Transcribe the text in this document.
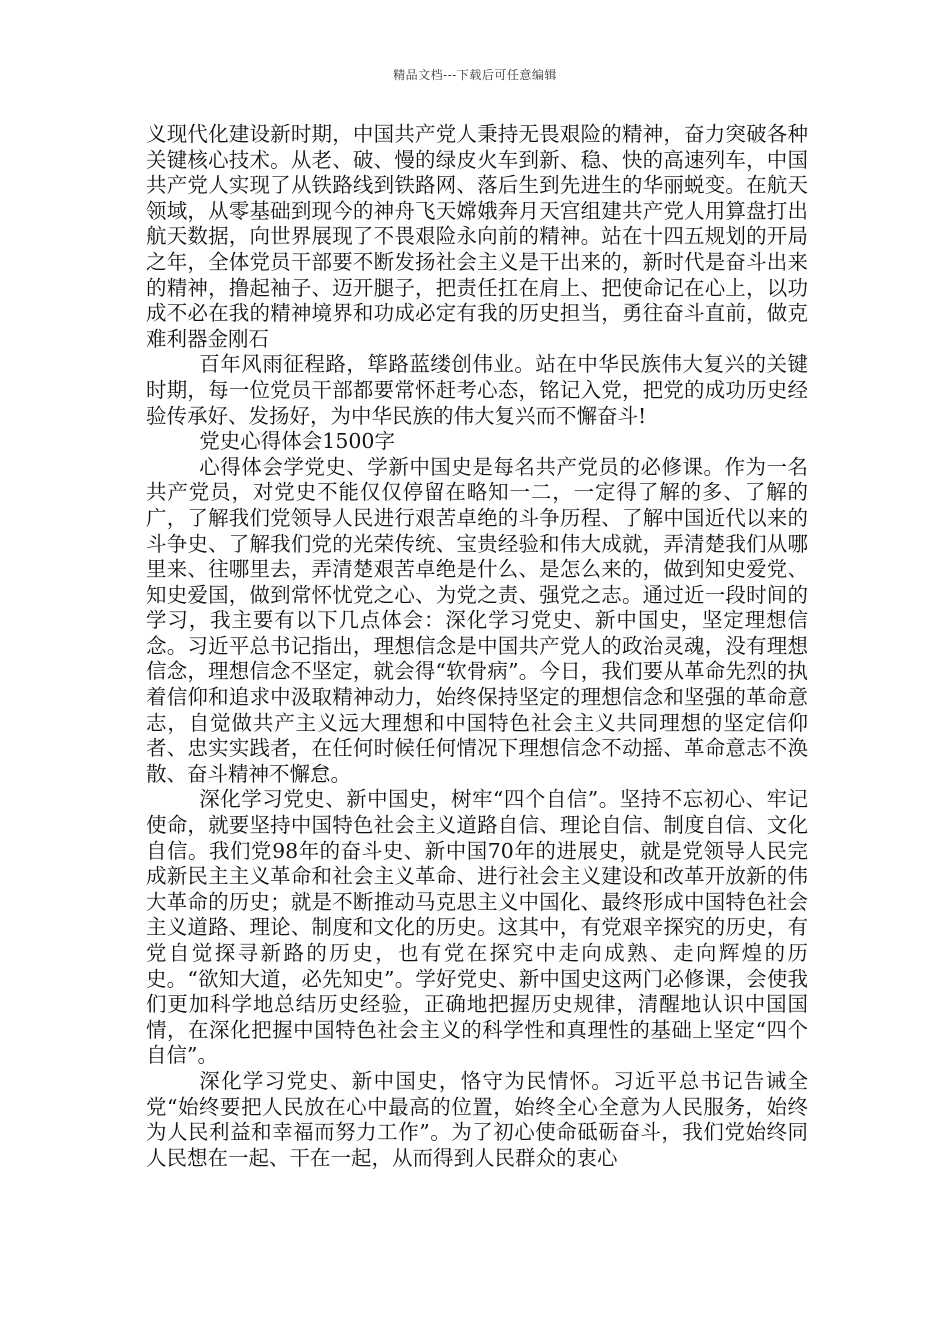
精品文档---下载后可任意编辑

义现代化建设新时期，中国共产党人秉持无畏艰险的精神，奋力突破各种关键核心技术。从老、破、慢的绿皮火车到新、稳、快的高速列车，中国共产党人实现了从铁路线到铁路网、落后生到先进生的华丽蜕变。在航天领域，从零基础到现今的神舟飞天嫦娥奔月天宫组建共产党人用算盘打出航天数据，向世界展现了不畏艰险永向前的精神。站在十四五规划的开局之年，全体党员干部要不断发扬社会主义是干出来的，新时代是奋斗出来的精神，撸起袖子、迈开腿子，把责任扛在肩上、把使命记在心上，以功成不必在我的精神境界和功成必定有我的历史担当，勇往奋斗直前，做克难利器金刚石

百年风雨征程路，筚路蓝缕创伟业。站在中华民族伟大复兴的关键时期，每一位党员干部都要常怀赶考心态，铭记入党，把党的成功历史经验传承好、发扬好，为中华民族的伟大复兴而不懈奋斗!

党史心得体会1500字

心得体会学党史、学新中国史是每名共产党员的必修课。作为一名共产党员，对党史不能仅仅停留在略知一二，一定得了解的多、了解的广，了解我们党领导人民进行艰苦卓绝的斗争历程、了解中国近代以来的斗争史、了解我们党的光荣传统、宝贵经验和伟大成就，弄清楚我们从哪里来、往哪里去，弄清楚艰苦卓绝是什么、是怎么来的，做到知史爱党、知史爱国，做到常怀忧党之心、为党之责、强党之志。通过近一段时间的学习，我主要有以下几点体会：深化学习党史、新中国史，坚定理想信念。习近平总书记指出，理想信念是中国共产党人的政治灵魂，没有理想信念，理想信念不坚定，就会得“软骨病”。今日，我们要从革命先烈的执着信仰和追求中汲取精神动力，始终保持坚定的理想信念和坚强的革命意志，自觉做共产主义远大理想和中国特色社会主义共同理想的坚定信仰者、忠实实践者，在任何时候任何情况下理想信念不动摇、革命意志不涣散、奋斗精神不懈怠。

深化学习党史、新中国史，树牢“四个自信”。坚持不忘初心、牢记使命，就要坚持中国特色社会主义道路自信、理论自信、制度自信、文化自信。我们党98年的奋斗史、新中国70年的进展史，就是党领导人民完成新民主主义革命和社会主义革命、进行社会主义建设和改革开放新的伟大革命的历史；就是不断推动马克思主义中国化、最终形成中国特色社会主义道路、理论、制度和文化的历史。这其中，有党艰辛探究的历史，有党自觉探寻新路的历史，也有党在探究中走向成熟、走向辉煌的历史。“欲知大道，必先知史”。学好党史、新中国史这两门必修课，会使我们更加科学地总结历史经验，正确地把握历史规律，清醒地认识中国国情，在深化把握中国特色社会主义的科学性和真理性的基础上坚定“四个自信”。

深化学习党史、新中国史，恪守为民情怀。习近平总书记告诫全党“始终要把人民放在心中最高的位置，始终全心全意为人民服务，始终为人民利益和幸福而努力工作”。为了初心使命砥砺奋斗，我们党始终同人民想在一起、干在一起，从而得到人民群众的衷心
